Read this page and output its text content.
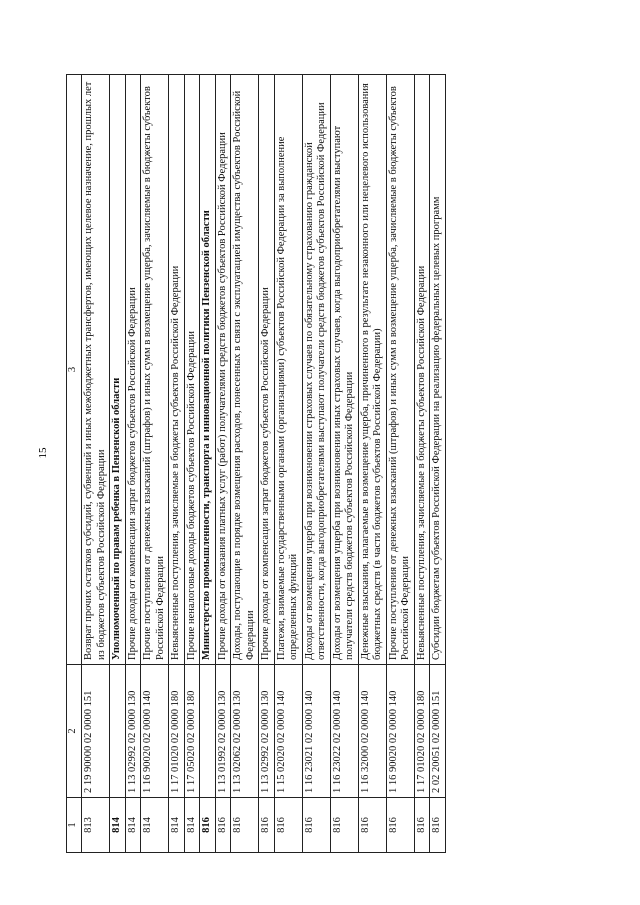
15
1	2	3
813	2 19 90000 02 0000 151	Возврат прочих остатков субсидий, субвенций и иных межбюджетных трансфертов, имеющих целевое назначение, прошлых лет из бюджетов субъектов Российской Федерации
814		Уполномоченный по правам ребенка в Пензенской области
814	1 13 02992 02 0000 130	Прочие доходы от компенсации затрат бюджетов субъектов Российской Федерации
814	1 16 90020 02 0000 140	Прочие поступления от денежных взысканий (штрафов) и иных сумм в возмещение ущерба, зачисляемые в бюджеты субъектов Российской Федерации
814	1 17 01020 02 0000 180	Невыясненные поступления, зачисляемые в бюджеты субъектов Российской Федерации
814	1 17 05020 02 0000 180	Прочие неналоговые доходы бюджетов субъектов Российской Федерации
816		Министерство промышленности, транспорта и инновационной политики Пензенской области
816	1 13 01992 02 0000 130	Прочие доходы от оказания платных услуг (работ) получателями средств бюджетов субъектов Российской Федерации
816	1 13 02062 02 0000 130	Доходы, поступающие в порядке возмещения расходов, понесенных в связи с эксплуатацией имущества субъектов Российской Федерации
816	1 13 02992 02 0000 130	Прочие доходы от компенсации затрат бюджетов субъектов Российской Федерации
816	1 15 02020 02 0000 140	Платежи, взимаемые государственными органами (организациями) субъектов Российской Федерации за выполнение определенных функций
816	1 16 23021 02 0000 140	Доходы от возмещения ущерба при возникновении страховых случаев по обязательному страхованию гражданской ответственности, когда выгодоприобретателями выступают получатели средств бюджетов субъектов Российской Федерации
816	1 16 23022 02 0000 140	Доходы от возмещения ущерба при возникновении иных страховых случаев, когда выгодоприобретателями выступают получатели средств бюджетов субъектов Российской Федерации
816	1 16 32000 02 0000 140	Денежные взыскания, налагаемые в возмещение ущерба, причиненного в результате незаконного или нецелевого использования бюджетных средств (в части бюджетов субъектов Российской Федерации)
816	1 16 90020 02 0000 140	Прочие поступления от денежных взысканий (штрафов) и иных сумм в возмещение ущерба, зачисляемые в бюджеты субъектов Российской Федерации
816	1 17 01020 02 0000 180	Невыясненные поступления, зачисляемые в бюджеты субъектов Российской Федерации
816	2 02 20051 02 0000 151	Субсидии бюджетам субъектов Российской Федерации на реализацию федеральных целевых программ
